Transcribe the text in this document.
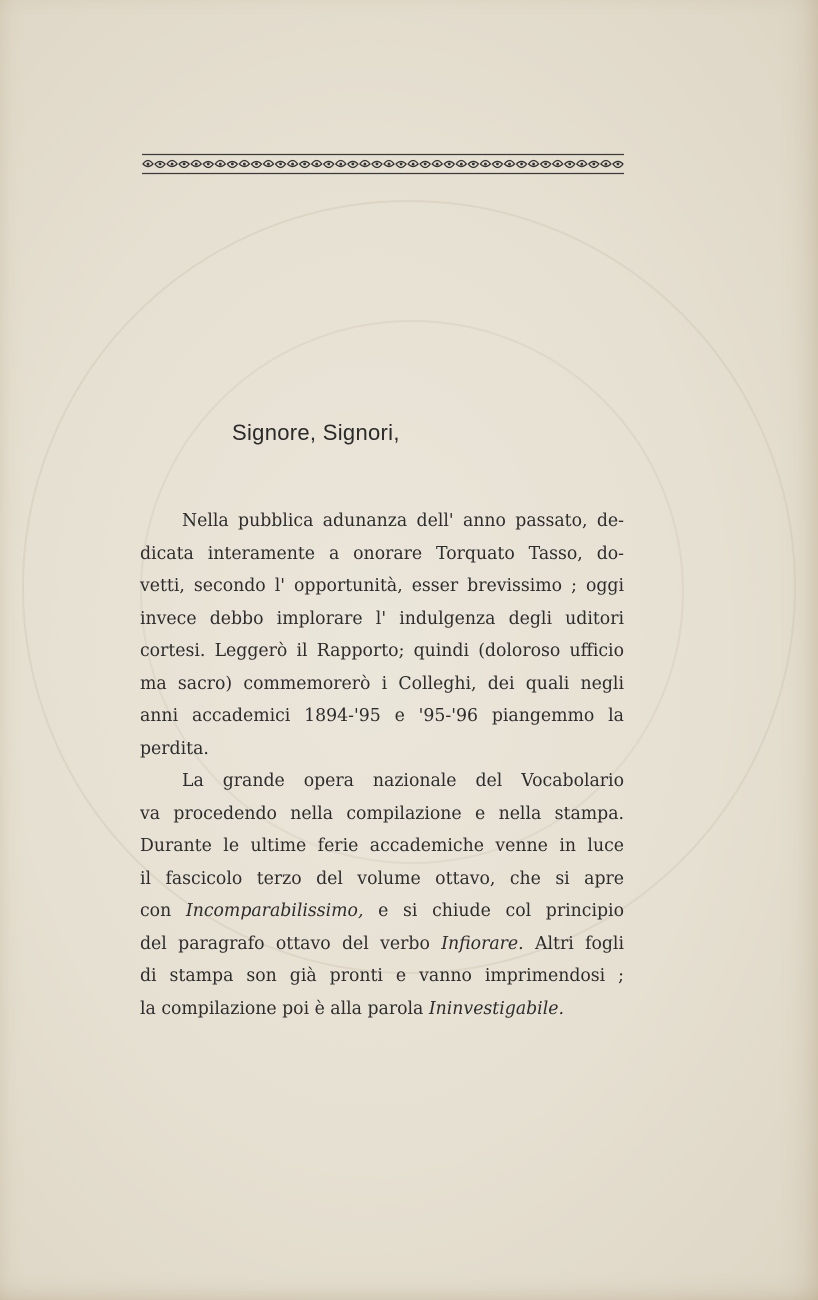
Signore, Signori,

Nella pubblica adunanza dell' anno passato, de-
dicata interamente a onorare Torquato Tasso, do-
vetti, secondo l' opportunità, esser brevissimo ; oggi
invece debbo implorare l' indulgenza degli uditori
cortesi. Leggerò il Rapporto; quindi (doloroso ufficio
ma sacro) commemorerò i Colleghi, dei quali negli
anni accademici 1894-'95 e '95-'96 piangemmo la
perdita.

La grande opera nazionale del Vocabolario
va procedendo nella compilazione e nella stampa.
Durante le ultime ferie accademiche venne in luce
il fascicolo terzo del volume ottavo, che si apre
con Incomparabilissimo, e si chiude col principio
del paragrafo ottavo del verbo Infiorare. Altri fogli
di stampa son già pronti e vanno imprimendosi ;
la compilazione poi è alla parola Ininvestigabile.
